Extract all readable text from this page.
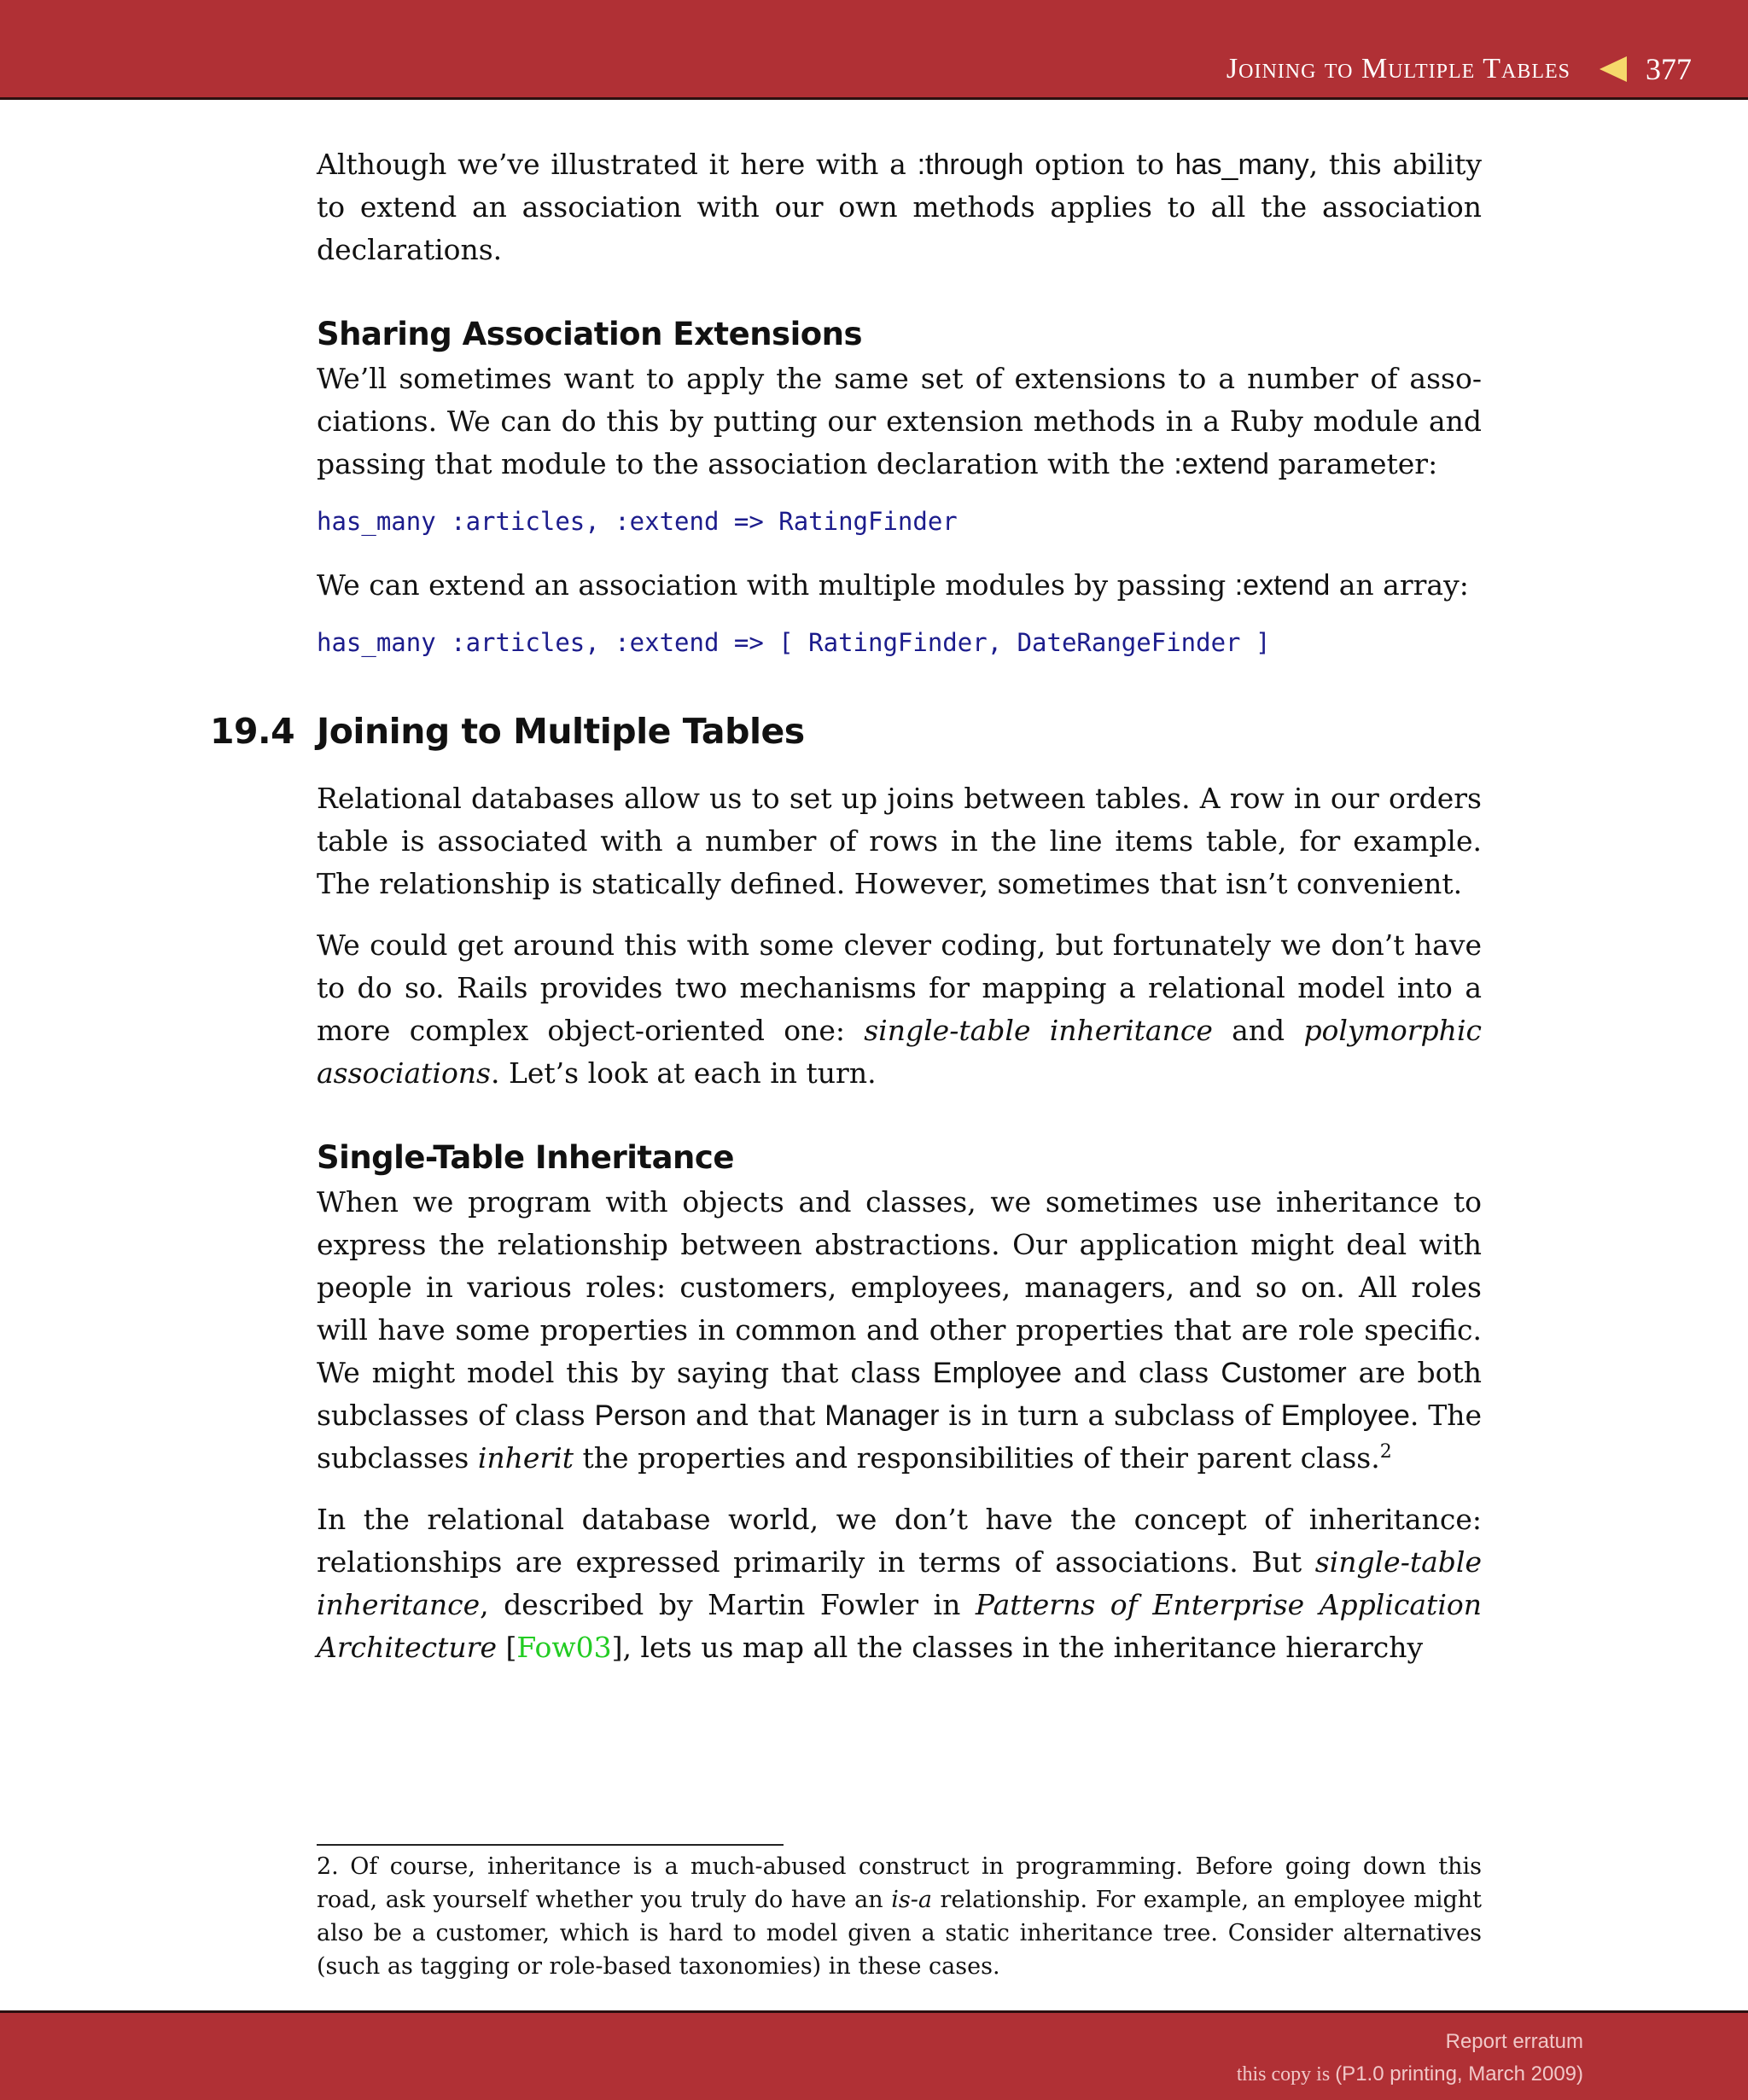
Joining to Multiple Tables 377

Although we’ve illustrated it here with a :through option to has_many, this ability to extend an association with our own methods applies to all the association declarations.

Sharing Association Extensions

We’ll sometimes want to apply the same set of extensions to a number of associations. We can do this by putting our extension methods in a Ruby module and passing that module to the association declaration with the :extend parameter:

has_many :articles, :extend => RatingFinder

We can extend an association with multiple modules by passing :extend an array:

has_many :articles, :extend => [ RatingFinder, DateRangeFinder ]
19.4 Joining to Multiple Tables

Relational databases allow us to set up joins between tables. A row in our orders table is associated with a number of rows in the line items table, for example. The relationship is statically defined. However, sometimes that isn’t convenient.

We could get around this with some clever coding, but fortunately we don’t have to do so. Rails provides two mechanisms for mapping a relational model into a more complex object-oriented one: single-table inheritance and polymorphic associations. Let’s look at each in turn.

Single-Table Inheritance

When we program with objects and classes, we sometimes use inheritance to express the relationship between abstractions. Our application might deal with people in various roles: customers, employees, managers, and so on. All roles will have some properties in common and other properties that are role specific. We might model this by saying that class Employee and class Customer are both subclasses of class Person and that Manager is in turn a subclass of Employee. The subclasses inherit the properties and responsibilities of their parent class.$^2$

In the relational database world, we don’t have the concept of inheritance: relationships are expressed primarily in terms of associations. But single-table inheritance, described by Martin Fowler in Patterns of Enterprise Application Architecture [Fow03], lets us map all the classes in the inheritance hierarchy

2. Of course, inheritance is a much-abused construct in programming. Before going down this road, ask yourself whether you truly do have an is-a relationship. For example, an employee might also be a customer, which is hard to model given a static inheritance tree. Consider alternatives (such as tagging or role-based taxonomies) in these cases.

Report erratum
this copy is (P1.0 printing, March 2009)
